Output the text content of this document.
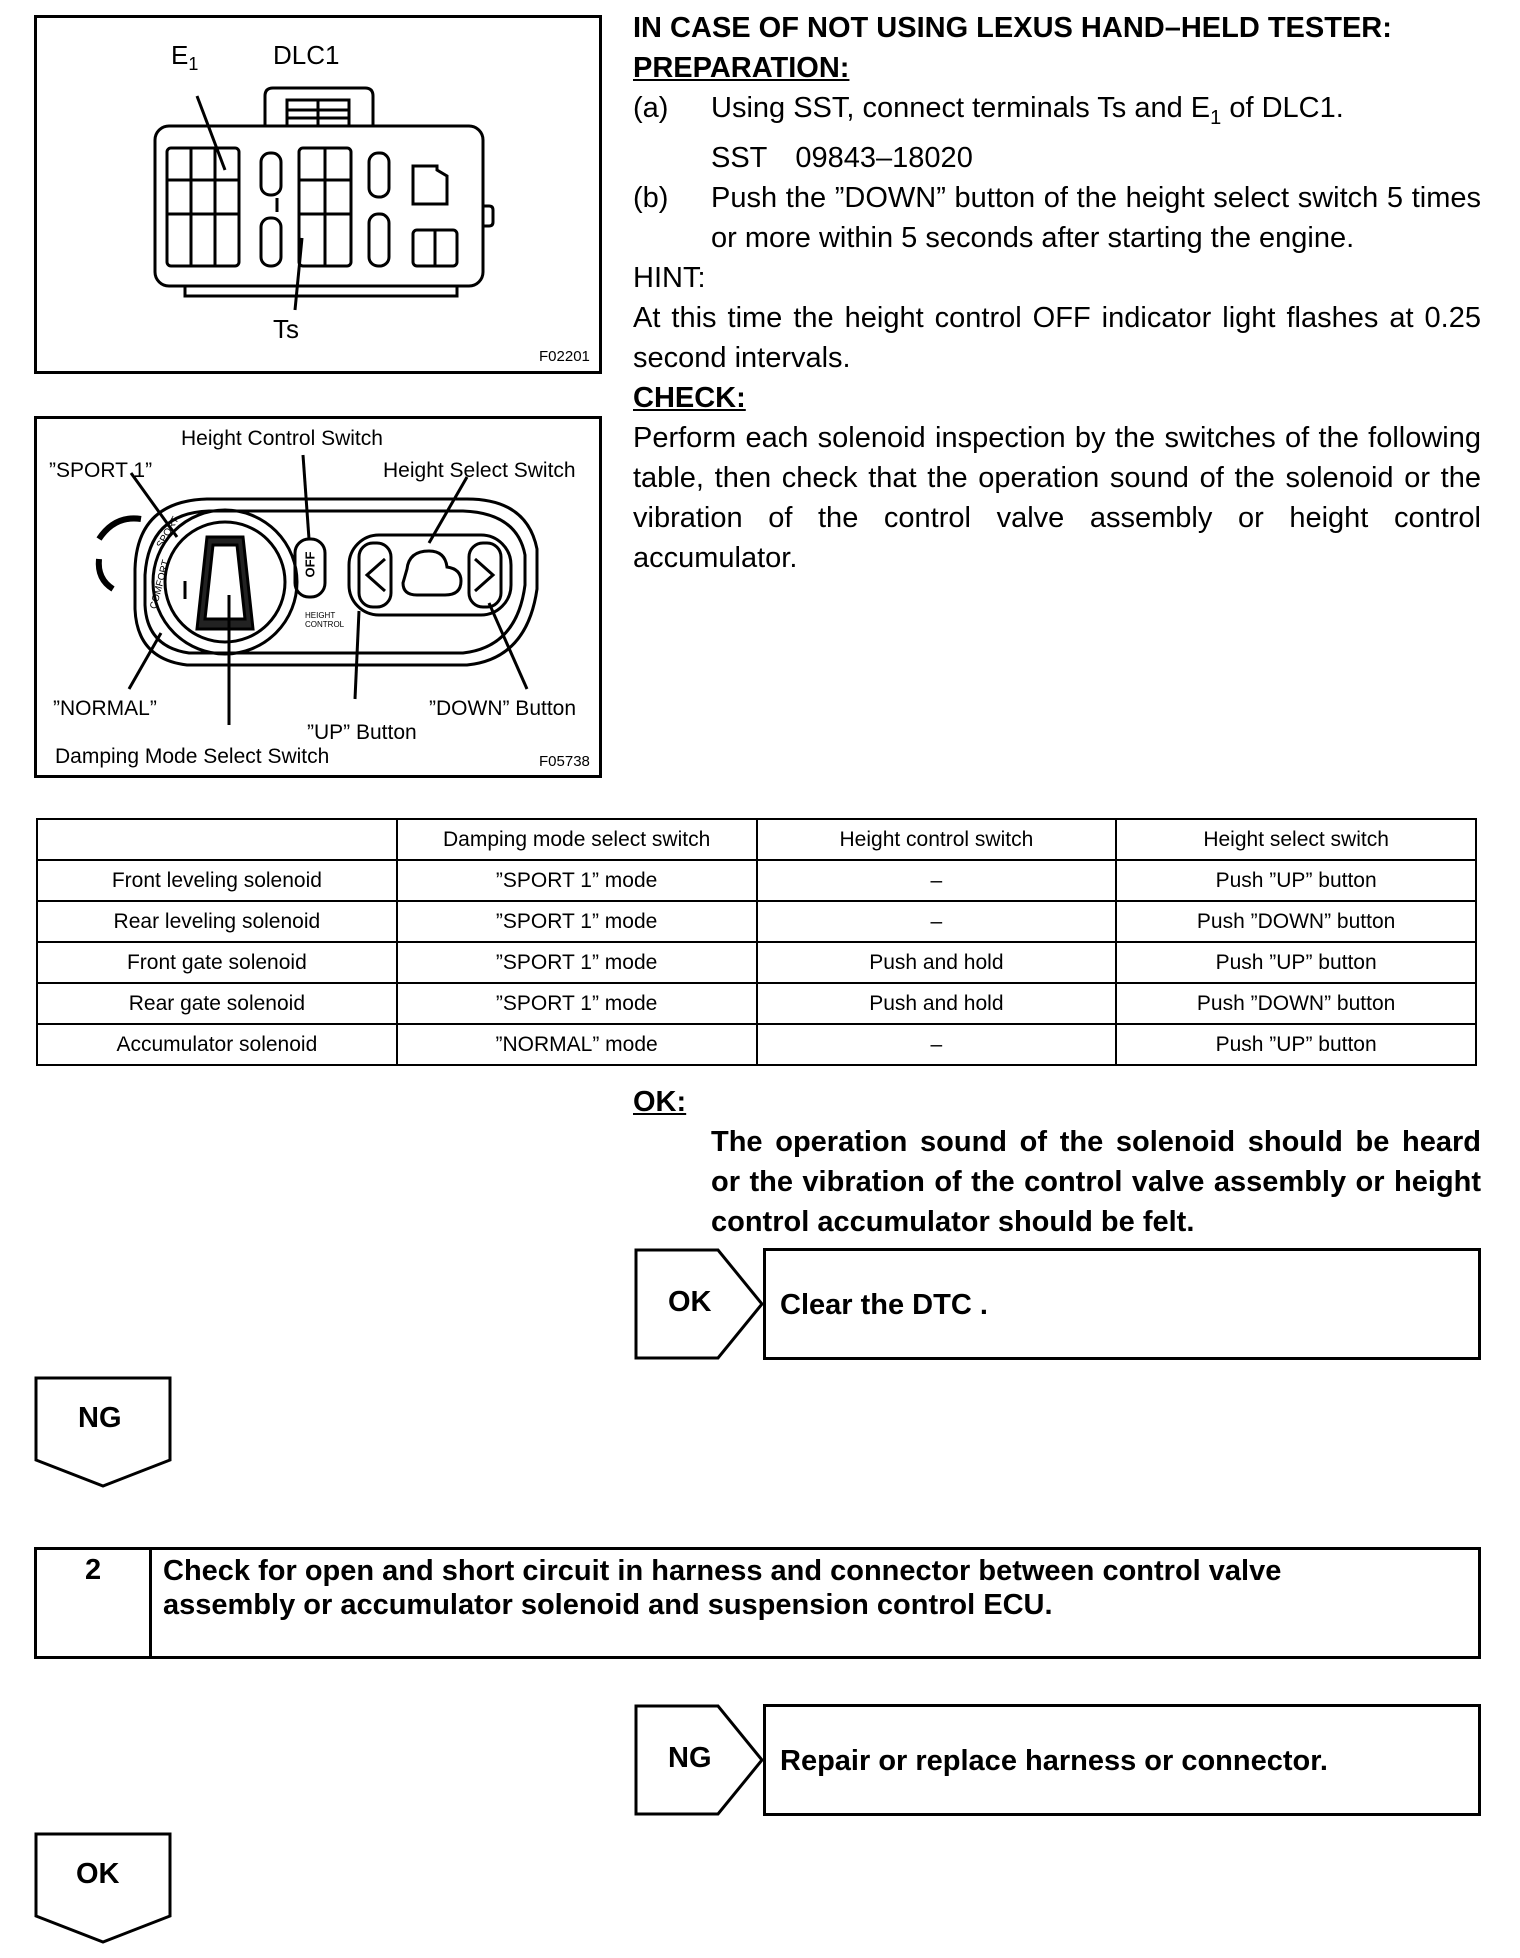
$E_1$	DLC1
Ts
F02201
Height Control Switch
”SPORT 1”	Height Select Switch
OFF
HEIGHT
CONTROL
COMFORT
SPORT
”NORMAL”	”DOWN” Button
”UP” Button
Damping Mode Select Switch	F05738
IN CASE OF NOT USING LEXUS HAND–HELD TESTER:
PREPARATION:
(a) Using SST, connect terminals Ts and $E_1$ of DLC1.
SST 09843–18020
(b) Push the ”DOWN” button of the height select switch 5 times or more within 5 seconds after starting the engine.
HINT:
At this time the height control OFF indicator light flashes at 0.25 second intervals.
CHECK:
Perform each solenoid inspection by the switches of the following table, then check that the operation sound of the solenoid or the vibration of the control valve assembly or height control accumulator.
	Damping mode select switch	Height control switch	Height select switch
Front leveling solenoid	”SPORT 1” mode	–	Push ”UP” button
Rear leveling solenoid	”SPORT 1” mode	–	Push ”DOWN” button
Front gate solenoid	”SPORT 1” mode	Push and hold	Push ”UP” button
Rear gate solenoid	”SPORT 1” mode	Push and hold	Push ”DOWN” button
Accumulator solenoid	”NORMAL” mode	–	Push ”UP” button
OK:
The operation sound of the solenoid should be heard or the vibration of the control valve assembly or height control accumulator should be felt.
OK Clear the DTC .
NG
2 Check for open and short circuit in harness and connector between control valve assembly or accumulator solenoid and suspension control ECU.
NG Repair or replace harness or connector.
OK
